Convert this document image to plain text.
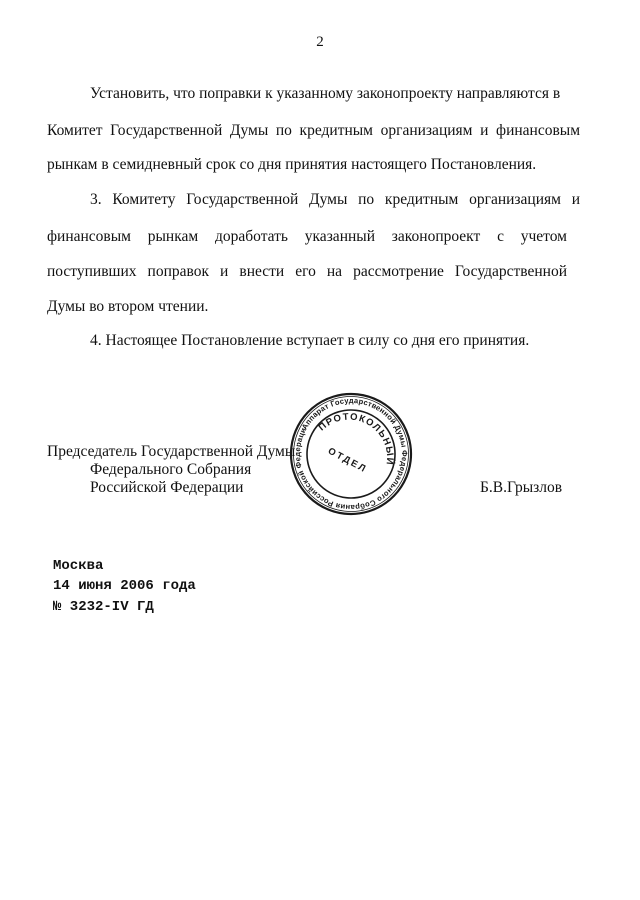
2
Установить, что поправки к указанному законопроекту направляются в
Комитет Государственной Думы по кредитным организациям и финансовым
рынкам в семидневный срок со дня принятия настоящего Постановления.
3. Комитету Государственной Думы по кредитным организациям и
финансовым рынкам доработать указанный законопроект с учетом
поступивших поправок и внести его на рассмотрение Государственной
Думы во втором чтении.
4. Настоящее Постановление вступает в силу со дня его принятия.
Председатель Государственной Думы
Федерального Собрания
Российской Федерации	Б.В.Грызлов
Аппарат Государственной Думы Федерального Собрания Российской Федерации
ПРОТОКОЛЬНЫЙ
ОТДЕЛ
Москва
14 июня 2006 года
№ 3232-IV ГД
